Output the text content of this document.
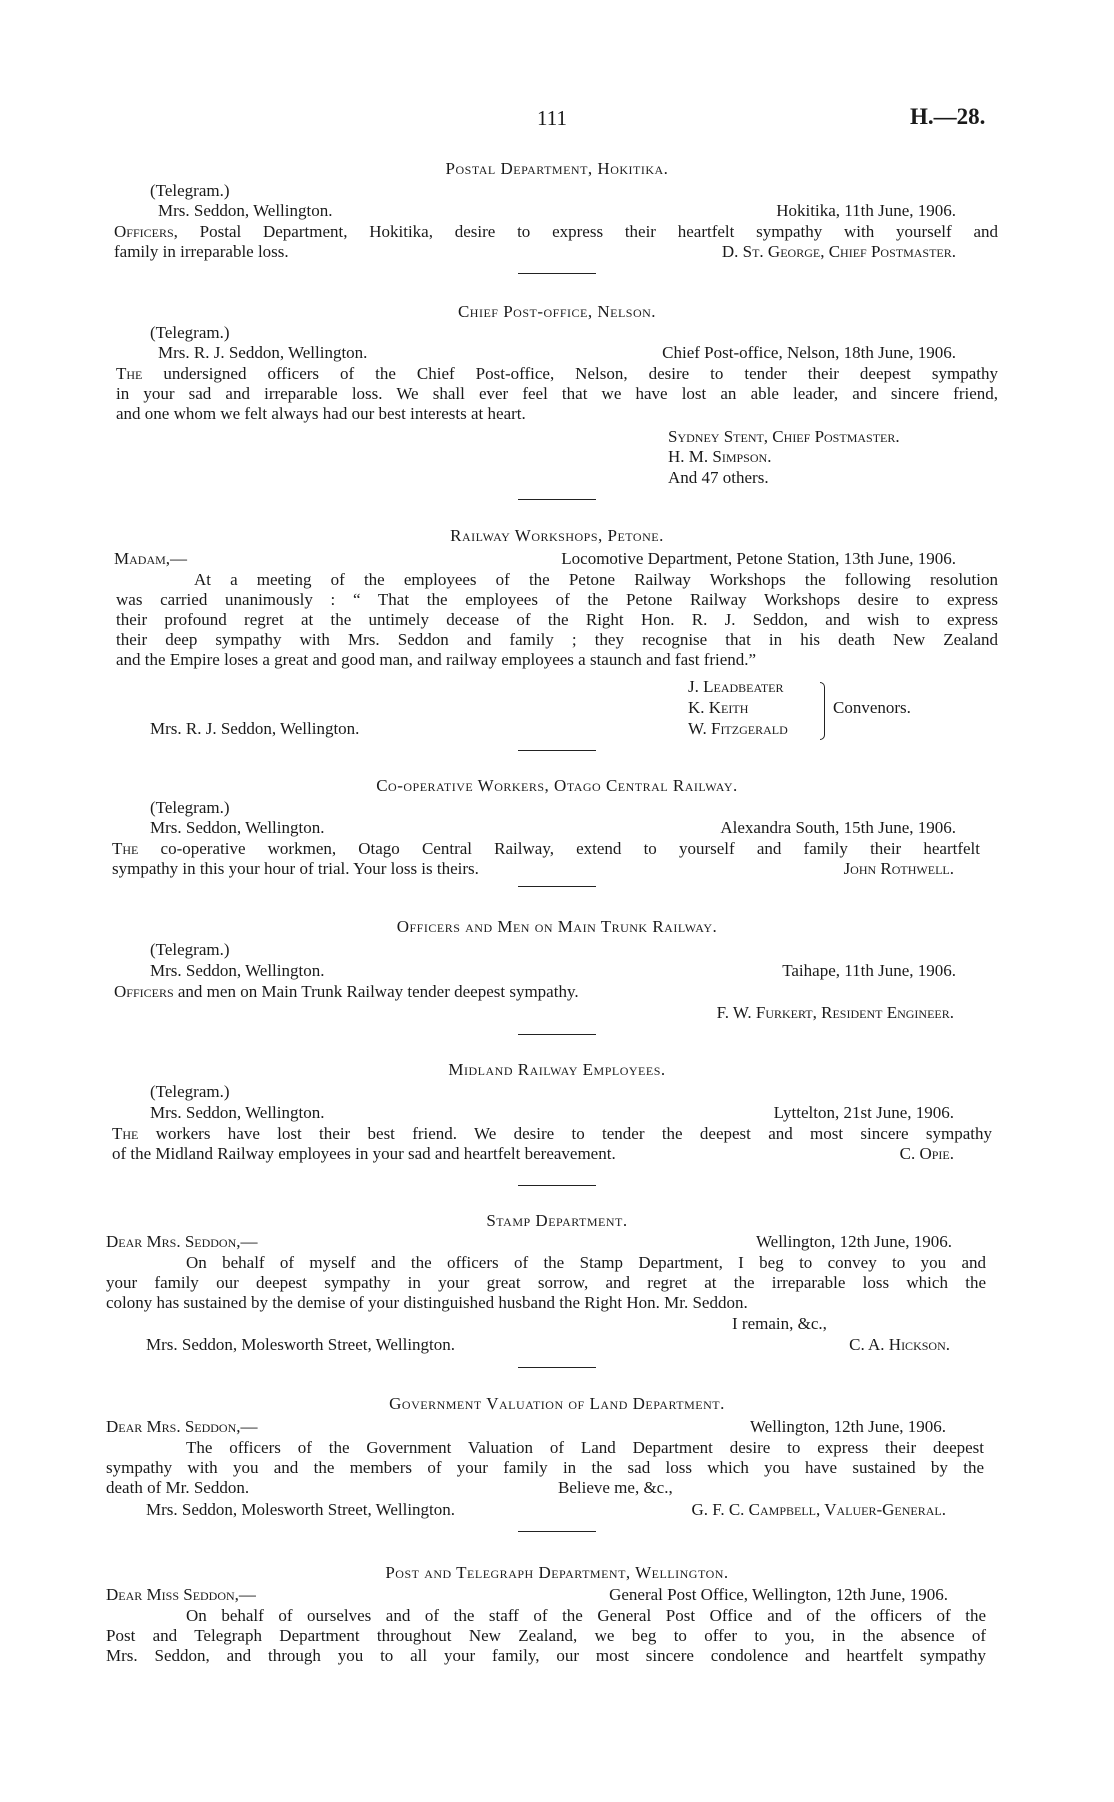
111	H.—28.
Postal Department, Hokitika.
(Telegram.)
Mrs. Seddon, Wellington.	Hokitika, 11th June, 1906.
Officers, Postal Department, Hokitika, desire to express their heartfelt sympathy with yourself and
family in irreparable loss.	D. St. George, Chief Postmaster.
Chief Post-office, Nelson.
(Telegram.)
Mrs. R. J. Seddon, Wellington.	Chief Post-office, Nelson, 18th June, 1906.
The undersigned officers of the Chief Post-office, Nelson, desire to tender their deepest sympathy
in your sad and irreparable loss. We shall ever feel that we have lost an able leader, and sincere friend,
and one whom we felt always had our best interests at heart.
Sydney Stent, Chief Postmaster.
H. M. Simpson.
And 47 others.
Railway Workshops, Petone.
Madam,—	Locomotive Department, Petone Station, 13th June, 1906.
At a meeting of the employees of the Petone Railway Workshops the following resolution
was carried unanimously : “ That the employees of the Petone Railway Workshops desire to express
their profound regret at the untimely decease of the Right Hon. R. J. Seddon, and wish to express
their deep sympathy with Mrs. Seddon and family ; they recognise that in his death New Zealand
and the Empire loses a great and good man, and railway employees a staunch and fast friend.”
J. Leadbeater
K. Keith
W. Fitzgerald
Convenors.
Mrs. R. J. Seddon, Wellington.
Co-operative Workers, Otago Central Railway.
(Telegram.)
Mrs. Seddon, Wellington.	Alexandra South, 15th June, 1906.
The co-operative workmen, Otago Central Railway, extend to yourself and family their heartfelt
sympathy in this your hour of trial. Your loss is theirs.	John Rothwell.
Officers and Men on Main Trunk Railway.
(Telegram.)
Mrs. Seddon, Wellington.	Taihape, 11th June, 1906.
Officers and men on Main Trunk Railway tender deepest sympathy.
F. W. Furkert, Resident Engineer.
Midland Railway Employees.
(Telegram.)
Mrs. Seddon, Wellington.	Lyttelton, 21st June, 1906.
The workers have lost their best friend. We desire to tender the deepest and most sincere sympathy
of the Midland Railway employees in your sad and heartfelt bereavement.	C. Opie.
Stamp Department.
Dear Mrs. Seddon,—	Wellington, 12th June, 1906.
On behalf of myself and the officers of the Stamp Department, I beg to convey to you and
your family our deepest sympathy in your great sorrow, and regret at the irreparable loss which the
colony has sustained by the demise of your distinguished husband the Right Hon. Mr. Seddon.
I remain, &c.,
Mrs. Seddon, Molesworth Street, Wellington.	C. A. Hickson.
Government Valuation of Land Department.
Dear Mrs. Seddon,—	Wellington, 12th June, 1906.
The officers of the Government Valuation of Land Department desire to express their deepest
sympathy with you and the members of your family in the sad loss which you have sustained by the
death of Mr. Seddon.	Believe me, &c.,
Mrs. Seddon, Molesworth Street, Wellington.	G. F. C. Campbell, Valuer-General.
Post and Telegraph Department, Wellington.
Dear Miss Seddon,—	General Post Office, Wellington, 12th June, 1906.
On behalf of ourselves and of the staff of the General Post Office and of the officers of the
Post and Telegraph Department throughout New Zealand, we beg to offer to you, in the absence of
Mrs. Seddon, and through you to all your family, our most sincere condolence and heartfelt sympathy
